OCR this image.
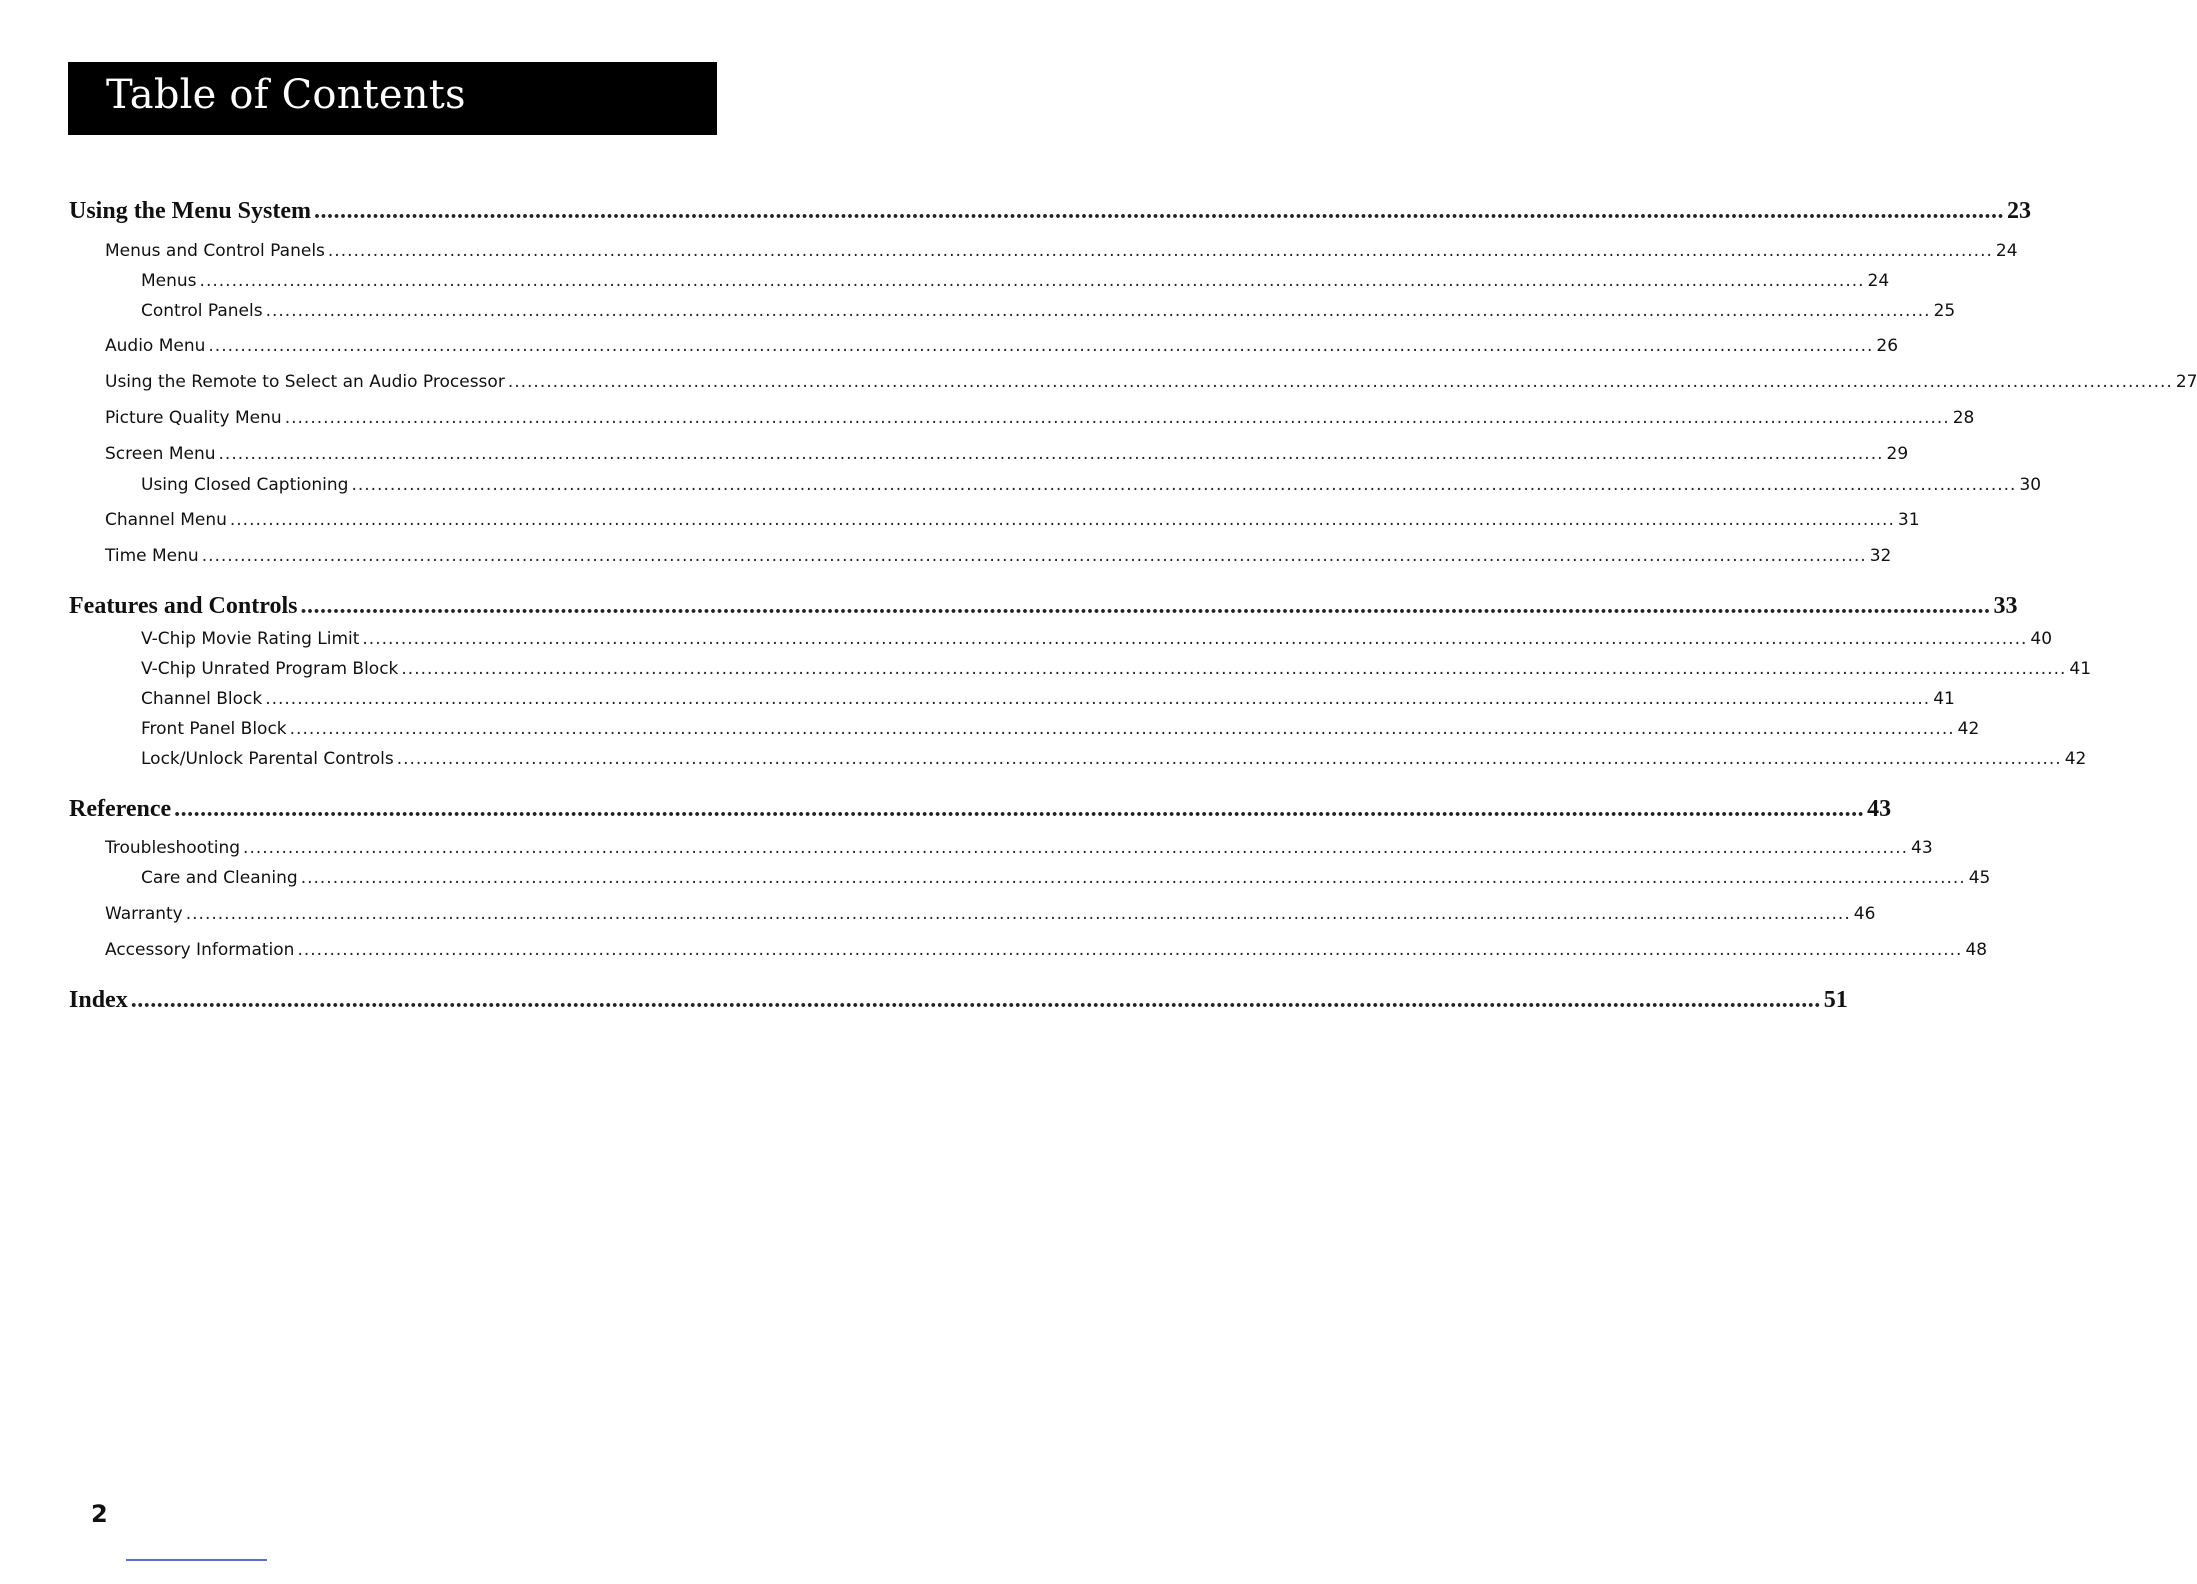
Table of Contents
Using the Menu System .................................................................................................................................................................................................................................................................... 23
Menus and Control Panels .................................................................................................................................................................................................................................................................... 24
Menus .................................................................................................................................................................................................................................................................... 24
Control Panels .................................................................................................................................................................................................................................................................... 25
Audio Menu .................................................................................................................................................................................................................................................................... 26
Using the Remote to Select an Audio Processor .................................................................................................................................................................................................................................................................... 27
Picture Quality Menu .................................................................................................................................................................................................................................................................... 28
Screen Menu .................................................................................................................................................................................................................................................................... 29
Using Closed Captioning .................................................................................................................................................................................................................................................................... 30
Channel Menu .................................................................................................................................................................................................................................................................... 31
Time Menu .................................................................................................................................................................................................................................................................... 32
Features and Controls .................................................................................................................................................................................................................................................................... 33
V-Chip Movie Rating Limit .................................................................................................................................................................................................................................................................... 40
V-Chip Unrated Program Block .................................................................................................................................................................................................................................................................... 41
Channel Block .................................................................................................................................................................................................................................................................... 41
Front Panel Block .................................................................................................................................................................................................................................................................... 42
Lock/Unlock Parental Controls .................................................................................................................................................................................................................................................................... 42
Reference .................................................................................................................................................................................................................................................................... 43
Troubleshooting .................................................................................................................................................................................................................................................................... 43
Care and Cleaning .................................................................................................................................................................................................................................................................... 45
Warranty .................................................................................................................................................................................................................................................................... 46
Accessory Information .................................................................................................................................................................................................................................................................... 48
Index .................................................................................................................................................................................................................................................................... 51
2
